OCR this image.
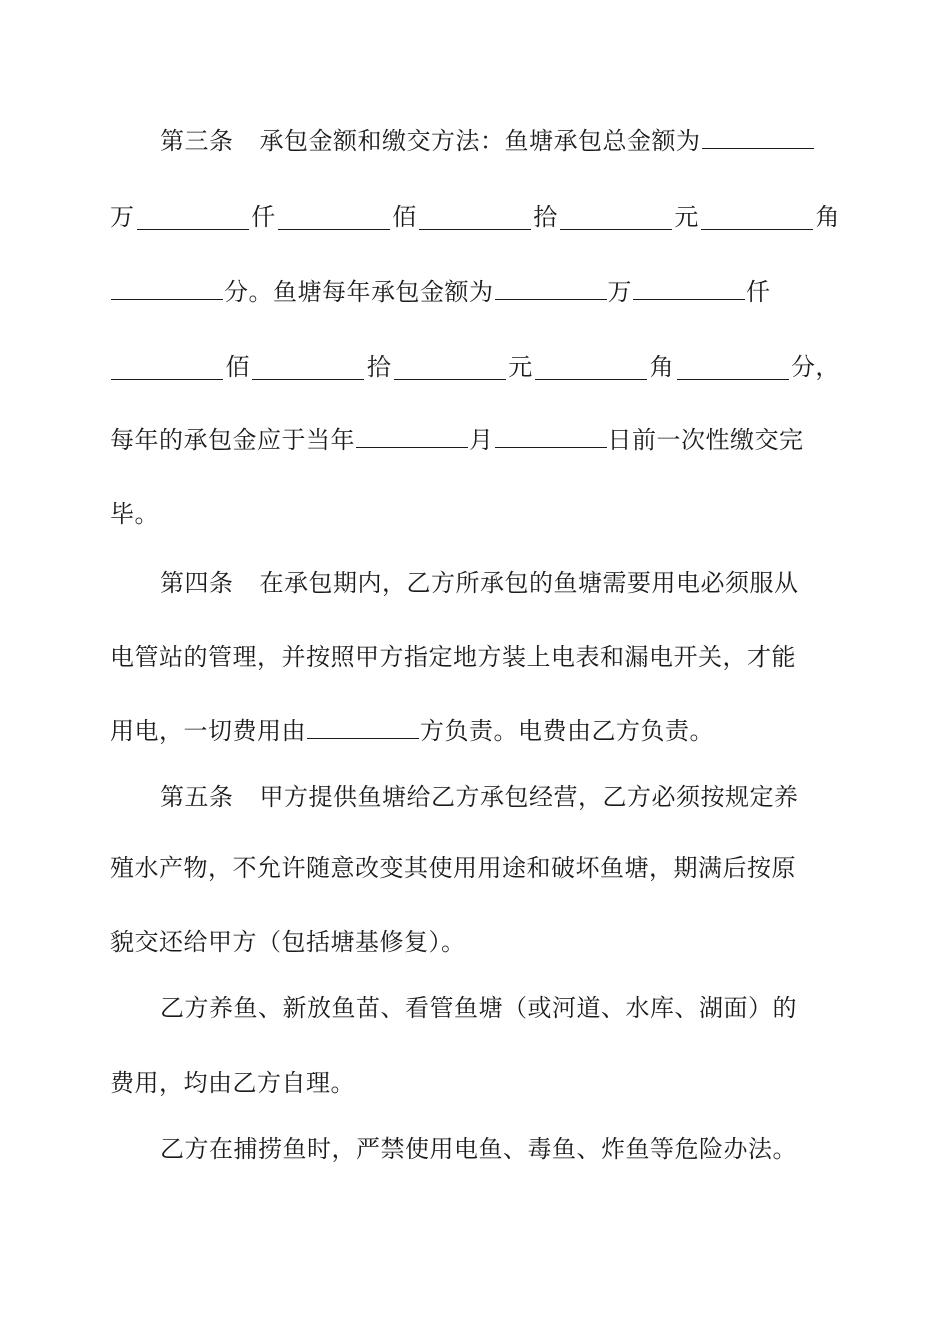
第三条 承包金额和缴交方法：鱼塘承包总金额为
万	仟	佰	拾	元	角
分。鱼塘每年承包金额为	万	仟
佰	拾	元	角	分，
每年的承包金应于当年	月	日前一次性缴交完
毕。
第四条 在承包期内，乙方所承包的鱼塘需要用电必须服从
电管站的管理，并按照甲方指定地方装上电表和漏电开关，才能
用电，一切费用由	方负责。电费由乙方负责。
第五条 甲方提供鱼塘给乙方承包经营，乙方必须按规定养
殖水产物，不允许随意改变其使用用途和破坏鱼塘，期满后按原
貌交还给甲方（包括塘基修复）。
乙方养鱼、新放鱼苗、看管鱼塘（或河道、水库、湖面）的
费用，均由乙方自理。
乙方在捕捞鱼时，严禁使用电鱼、毒鱼、炸鱼等危险办法。
